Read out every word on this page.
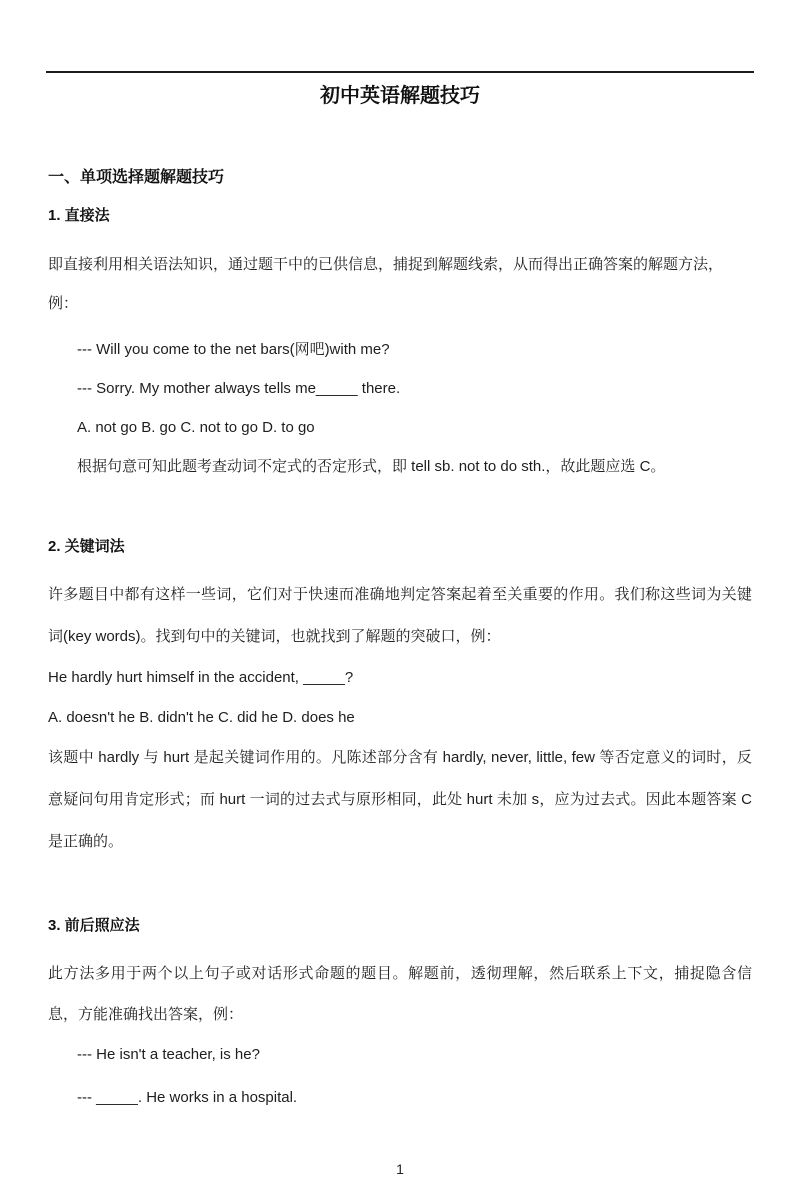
初中英语解题技巧
一、单项选择题解题技巧
1. 直接法
即直接利用相关语法知识，通过题干中的已供信息，捕捉到解题线索，从而得出正确答案的解题方法，例：
--- Will you come to the net bars(网吧)with me?
--- Sorry. My mother always tells me_____ there.
A. not go B. go C. not to go D. to go
根据句意可知此题考查动词不定式的否定形式，即 tell sb. not to do sth.，故此题应选 C。
2. 关键词法
许多题目中都有这样一些词，它们对于快速而准确地判定答案起着至关重要的作用。我们称这些词为关键词(key words)。找到句中的关键词，也就找到了解题的突破口，例：
He hardly hurt himself in the accident, _____?
A. doesn't he B. didn't he C. did he D. does he
该题中 hardly 与 hurt 是起关键词作用的。凡陈述部分含有 hardly, never, little, few 等否定意义的词时，反意疑问句用肯定形式；而 hurt 一词的过去式与原形相同，此处 hurt 未加 s，应为过去式。因此本题答案 C 是正确的。
3. 前后照应法
此方法多用于两个以上句子或对话形式命题的题目。解题前，透彻理解，然后联系上下文，捕捉隐含信息，方能准确找出答案，例：
--- He isn't a teacher, is he?
--- _____. He works in a hospital.
1
